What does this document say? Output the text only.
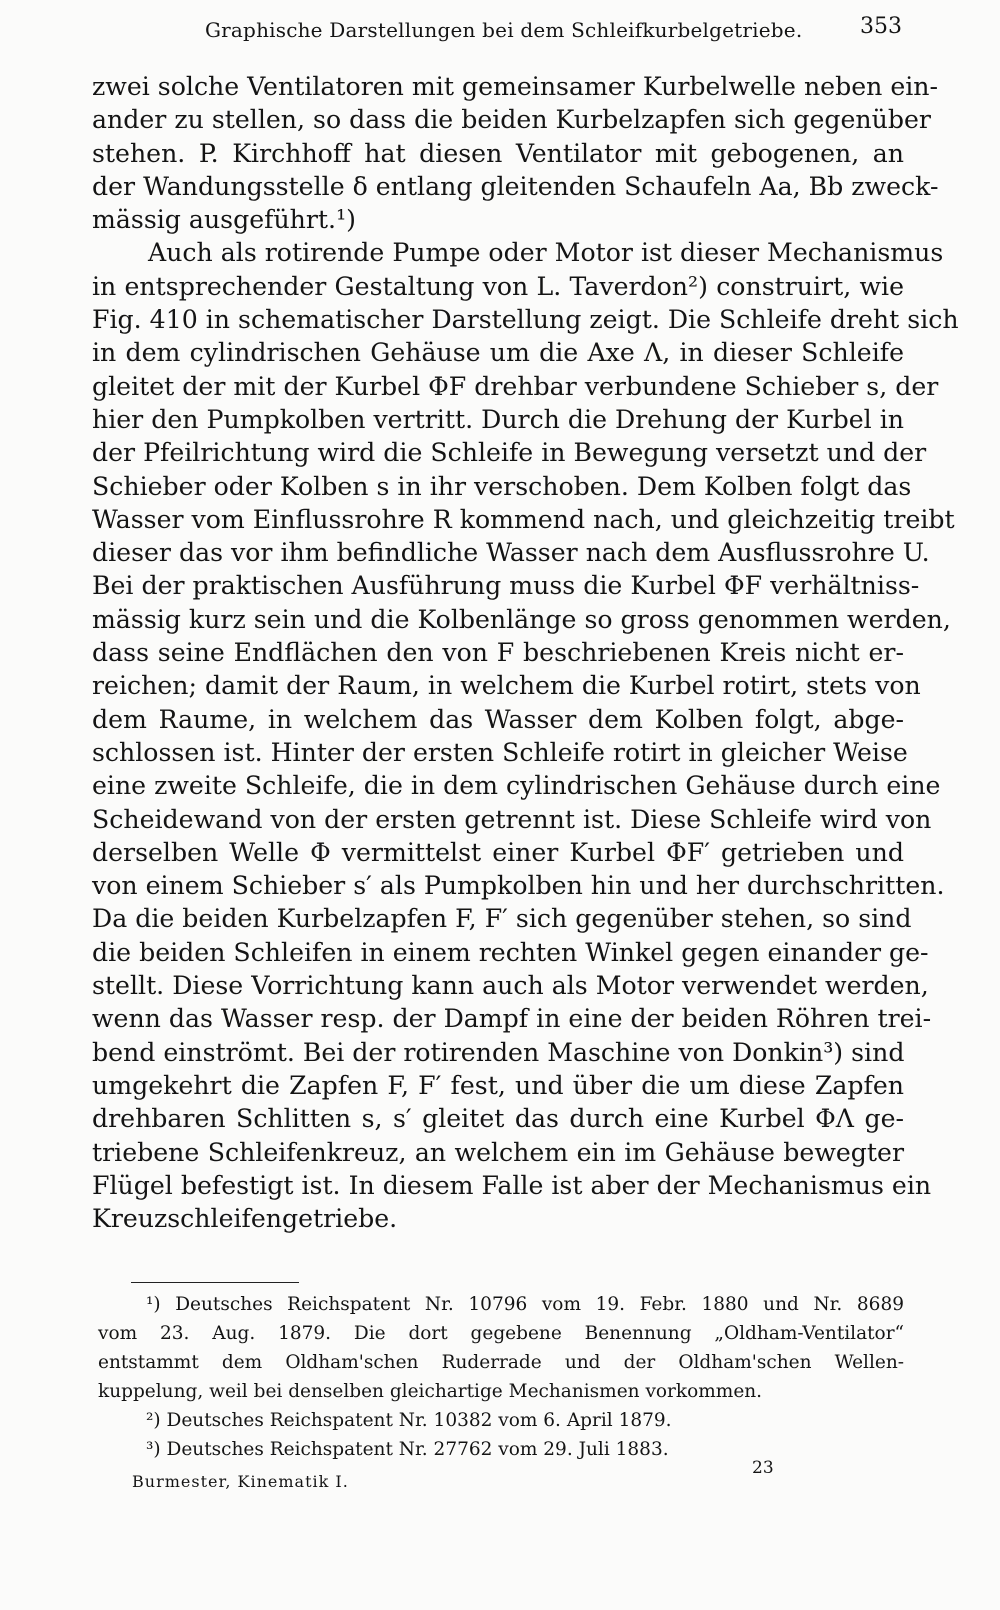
Graphische Darstellungen bei dem Schleifkurbelgetriebe.	353
zwei solche Ventilatoren mit gemeinsamer Kurbelwelle neben ein-
ander zu stellen, so dass die beiden Kurbelzapfen sich gegenüber
stehen. P. Kirchhoff hat diesen Ventilator mit gebogenen, an
der Wandungsstelle δ entlang gleitenden Schaufeln Aa, Bb zweck-
mässig ausgeführt.¹)
Auch als rotirende Pumpe oder Motor ist dieser Mechanismus
in entsprechender Gestaltung von L. Taverdon²) construirt, wie
Fig. 410 in schematischer Darstellung zeigt. Die Schleife dreht sich
in dem cylindrischen Gehäuse um die Axe Λ, in dieser Schleife
gleitet der mit der Kurbel ΦF drehbar verbundene Schieber s, der
hier den Pumpkolben vertritt. Durch die Drehung der Kurbel in
der Pfeilrichtung wird die Schleife in Bewegung versetzt und der
Schieber oder Kolben s in ihr verschoben. Dem Kolben folgt das
Wasser vom Einflussrohre R kommend nach, und gleichzeitig treibt
dieser das vor ihm befindliche Wasser nach dem Ausflussrohre U.
Bei der praktischen Ausführung muss die Kurbel ΦF verhältniss-
mässig kurz sein und die Kolbenlänge so gross genommen werden,
dass seine Endflächen den von F beschriebenen Kreis nicht er-
reichen; damit der Raum, in welchem die Kurbel rotirt, stets von
dem Raume, in welchem das Wasser dem Kolben folgt, abge-
schlossen ist. Hinter der ersten Schleife rotirt in gleicher Weise
eine zweite Schleife, die in dem cylindrischen Gehäuse durch eine
Scheidewand von der ersten getrennt ist. Diese Schleife wird von
derselben Welle Φ vermittelst einer Kurbel ΦF′ getrieben und
von einem Schieber s′ als Pumpkolben hin und her durchschritten.
Da die beiden Kurbelzapfen F, F′ sich gegenüber stehen, so sind
die beiden Schleifen in einem rechten Winkel gegen einander ge-
stellt. Diese Vorrichtung kann auch als Motor verwendet werden,
wenn das Wasser resp. der Dampf in eine der beiden Röhren trei-
bend einströmt. Bei der rotirenden Maschine von Donkin³) sind
umgekehrt die Zapfen F, F′ fest, und über die um diese Zapfen
drehbaren Schlitten s, s′ gleitet das durch eine Kurbel ΦΛ ge-
triebene Schleifenkreuz, an welchem ein im Gehäuse bewegter
Flügel befestigt ist. In diesem Falle ist aber der Mechanismus ein
Kreuzschleifengetriebe.
¹) Deutsches Reichspatent Nr. 10796 vom 19. Febr. 1880 und Nr. 8689
vom 23. Aug. 1879. Die dort gegebene Benennung „Oldham-Ventilator“
entstammt dem Oldham'schen Ruderrade und der Oldham'schen Wellen-
kuppelung, weil bei denselben gleichartige Mechanismen vorkommen.
²) Deutsches Reichspatent Nr. 10382 vom 6. April 1879.
³) Deutsches Reichspatent Nr. 27762 vom 29. Juli 1883.
23
Burmester, Kinematik I.
